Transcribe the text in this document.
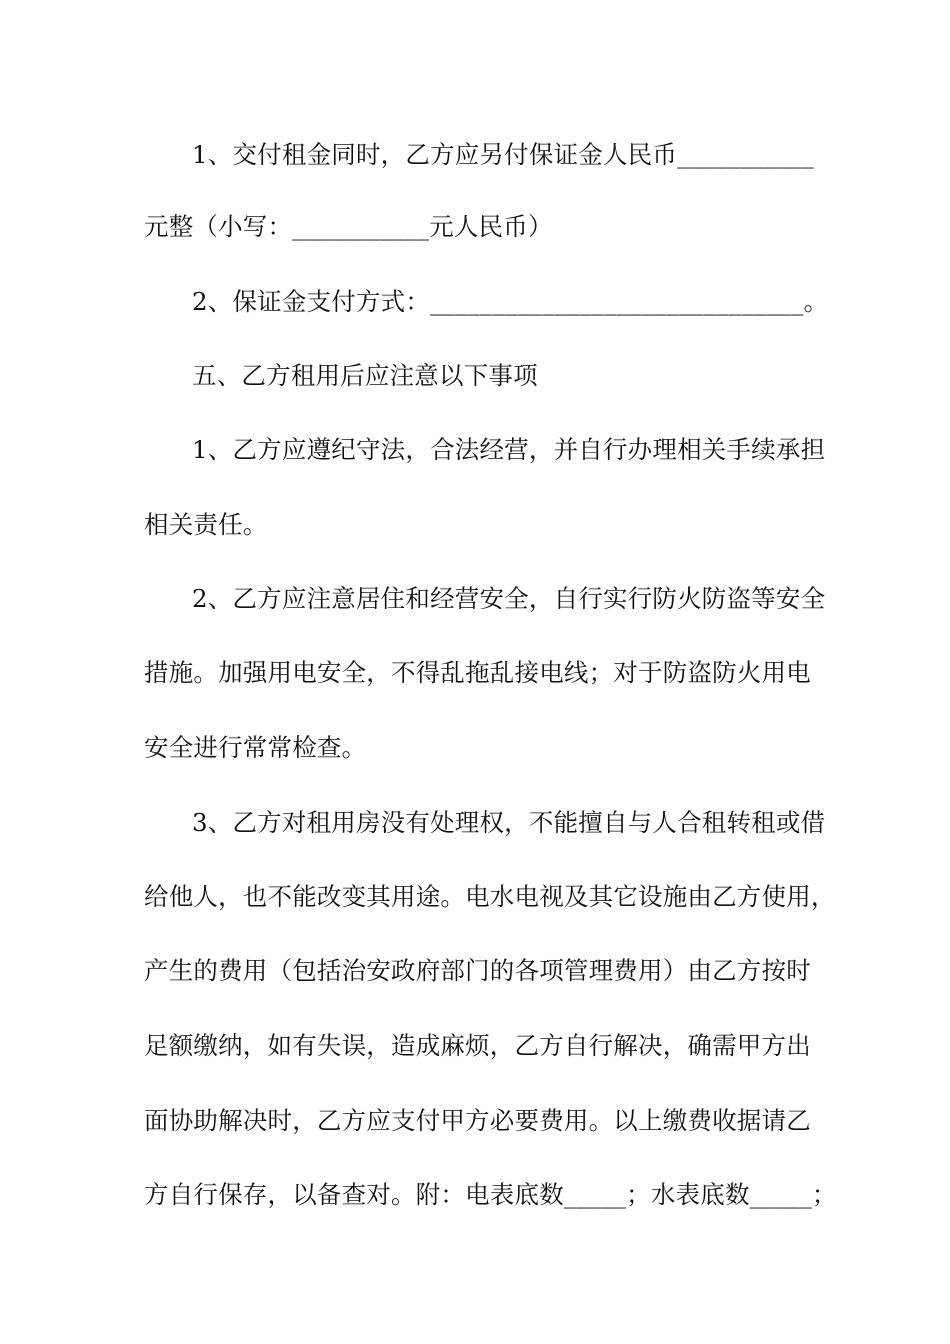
1、交付租金同时，乙方应另付保证金人民币___________
元整（小写：___________元人民币）
2、保证金支付方式：______________________________。
五、乙方租用后应注意以下事项
1、乙方应遵纪守法，合法经营，并自行办理相关手续承担
相关责任。
2、乙方应注意居住和经营安全，自行实行防火防盗等安全
措施。加强用电安全，不得乱拖乱接电线；对于防盗防火用电
安全进行常常检查。
3、乙方对租用房没有处理权，不能擅自与人合租转租或借
给他人，也不能改变其用途。电水电视及其它设施由乙方使用，
产生的费用（包括治安政府部门的各项管理费用）由乙方按时
足额缴纳，如有失误，造成麻烦，乙方自行解决，确需甲方出
面协助解决时，乙方应支付甲方必要费用。以上缴费收据请乙
方自行保存，以备查对。附：电表底数_____；水表底数_____；
